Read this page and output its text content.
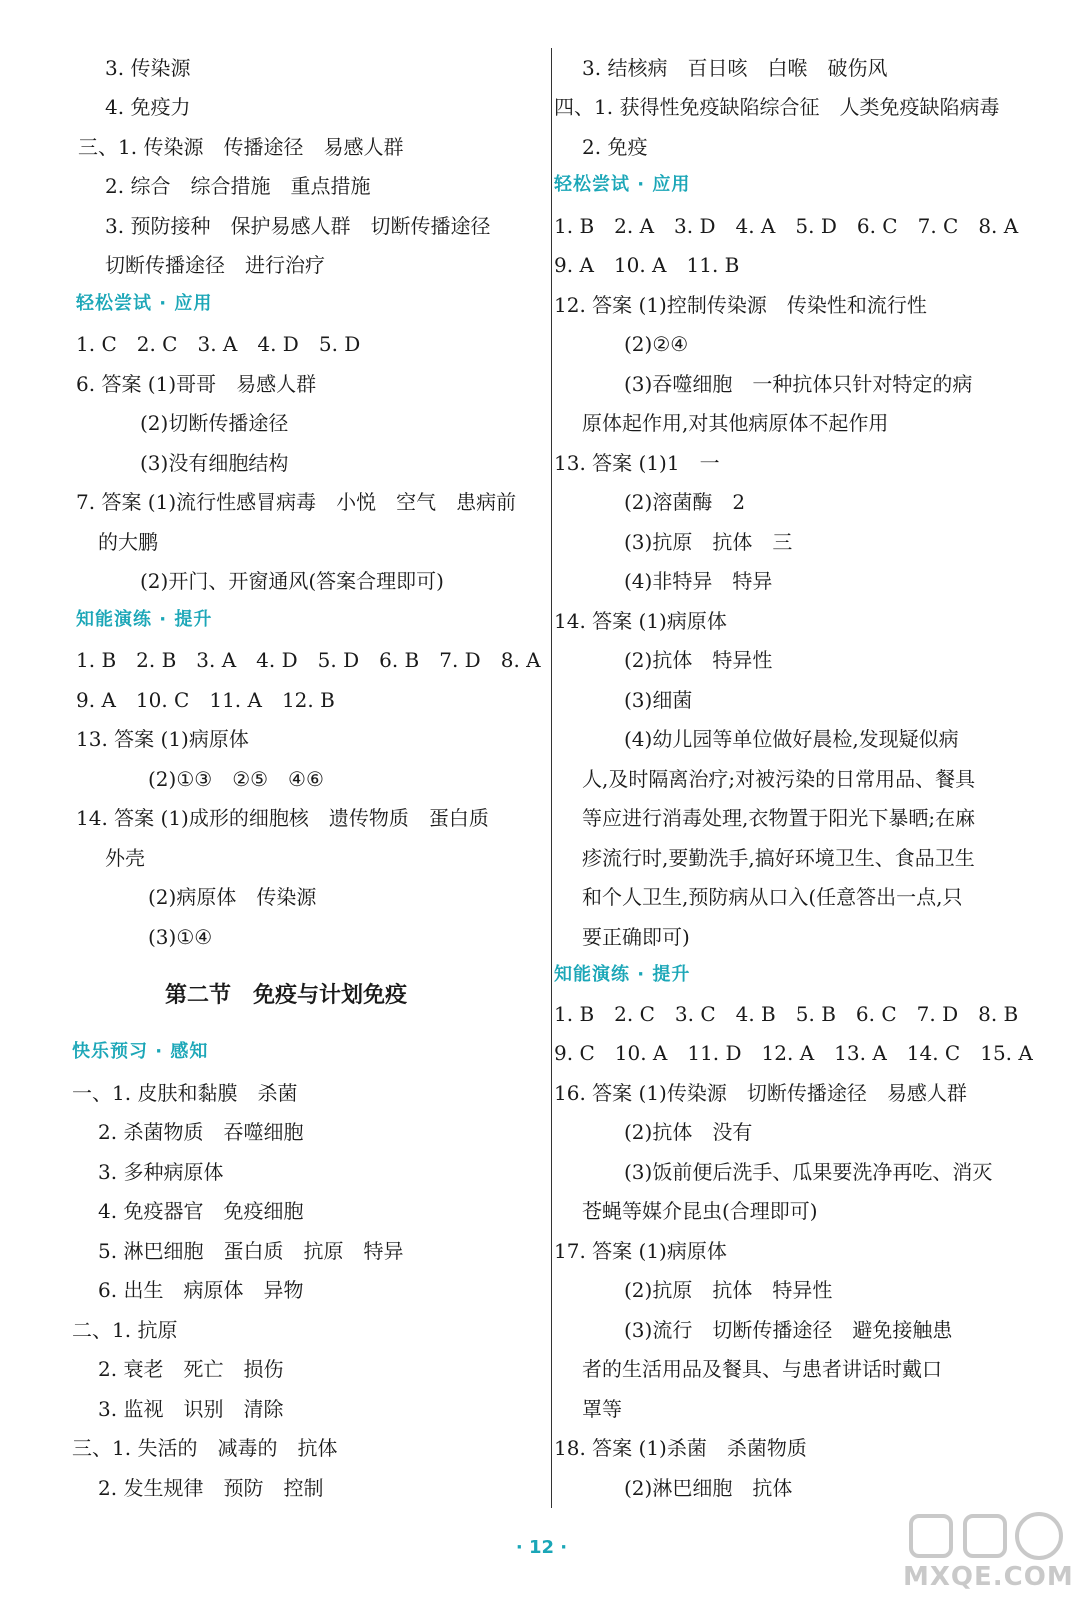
3. 传染源
4. 免疫力
三、1. 传染源　传播途径　易感人群
2. 综合　综合措施　重点措施
3. 预防接种　保护易感人群　切断传播途径
切断传播途径　进行治疗
轻松尝试 · 应用
1. C　2. C　3. A　4. D　5. D
6. 答案 (1)哥哥　易感人群
(2)切断传播途径
(3)没有细胞结构
7. 答案 (1)流行性感冒病毒　小悦　空气　患病前
的大鹏
(2)开门、开窗通风(答案合理即可)
知能演练 · 提升
1. B　2. B　3. A　4. D　5. D　6. B　7. D　8. A
9. A　10. C　11. A　12. B
13. 答案 (1)病原体
(2)①③　②⑤　④⑥
14. 答案 (1)成形的细胞核　遗传物质　蛋白质
外壳
(2)病原体　传染源
(3)①④
第二节　免疫与计划免疫
快乐预习 · 感知
一、1. 皮肤和黏膜　杀菌
2. 杀菌物质　吞噬细胞
3. 多种病原体
4. 免疫器官　免疫细胞
5. 淋巴细胞　蛋白质　抗原　特异
6. 出生　病原体　异物
二、1. 抗原
2. 衰老　死亡　损伤
3. 监视　识别　清除
三、1. 失活的　减毒的　抗体
2. 发生规律　预防　控制
3. 结核病　百日咳　白喉　破伤风
四、1. 获得性免疫缺陷综合征　人类免疫缺陷病毒
2. 免疫
轻松尝试 · 应用
1. B　2. A　3. D　4. A　5. D　6. C　7. C　8. A
9. A　10. A　11. B
12. 答案 (1)控制传染源　传染性和流行性
(2)②④
(3)吞噬细胞　一种抗体只针对特定的病
原体起作用,对其他病原体不起作用
13. 答案 (1)1　一
(2)溶菌酶　2
(3)抗原　抗体　三
(4)非特异　特异
14. 答案 (1)病原体
(2)抗体　特异性
(3)细菌
(4)幼儿园等单位做好晨检,发现疑似病
人,及时隔离治疗;对被污染的日常用品、餐具
等应进行消毒处理,衣物置于阳光下暴晒;在麻
疹流行时,要勤洗手,搞好环境卫生、食品卫生
和个人卫生,预防病从口入(任意答出一点,只
要正确即可)
知能演练 · 提升
1. B　2. C　3. C　4. B　5. B　6. C　7. D　8. B
9. C　10. A　11. D　12. A　13. A　14. C　15. A
16. 答案 (1)传染源　切断传播途径　易感人群
(2)抗体　没有
(3)饭前便后洗手、瓜果要洗净再吃、消灭
苍蝇等媒介昆虫(合理即可)
17. 答案 (1)病原体
(2)抗原　抗体　特异性
(3)流行　切断传播途径　避免接触患
者的生活用品及餐具、与患者讲话时戴口
罩等
18. 答案 (1)杀菌　杀菌物质
(2)淋巴细胞　抗体
· 12 ·
MXQE.COM
